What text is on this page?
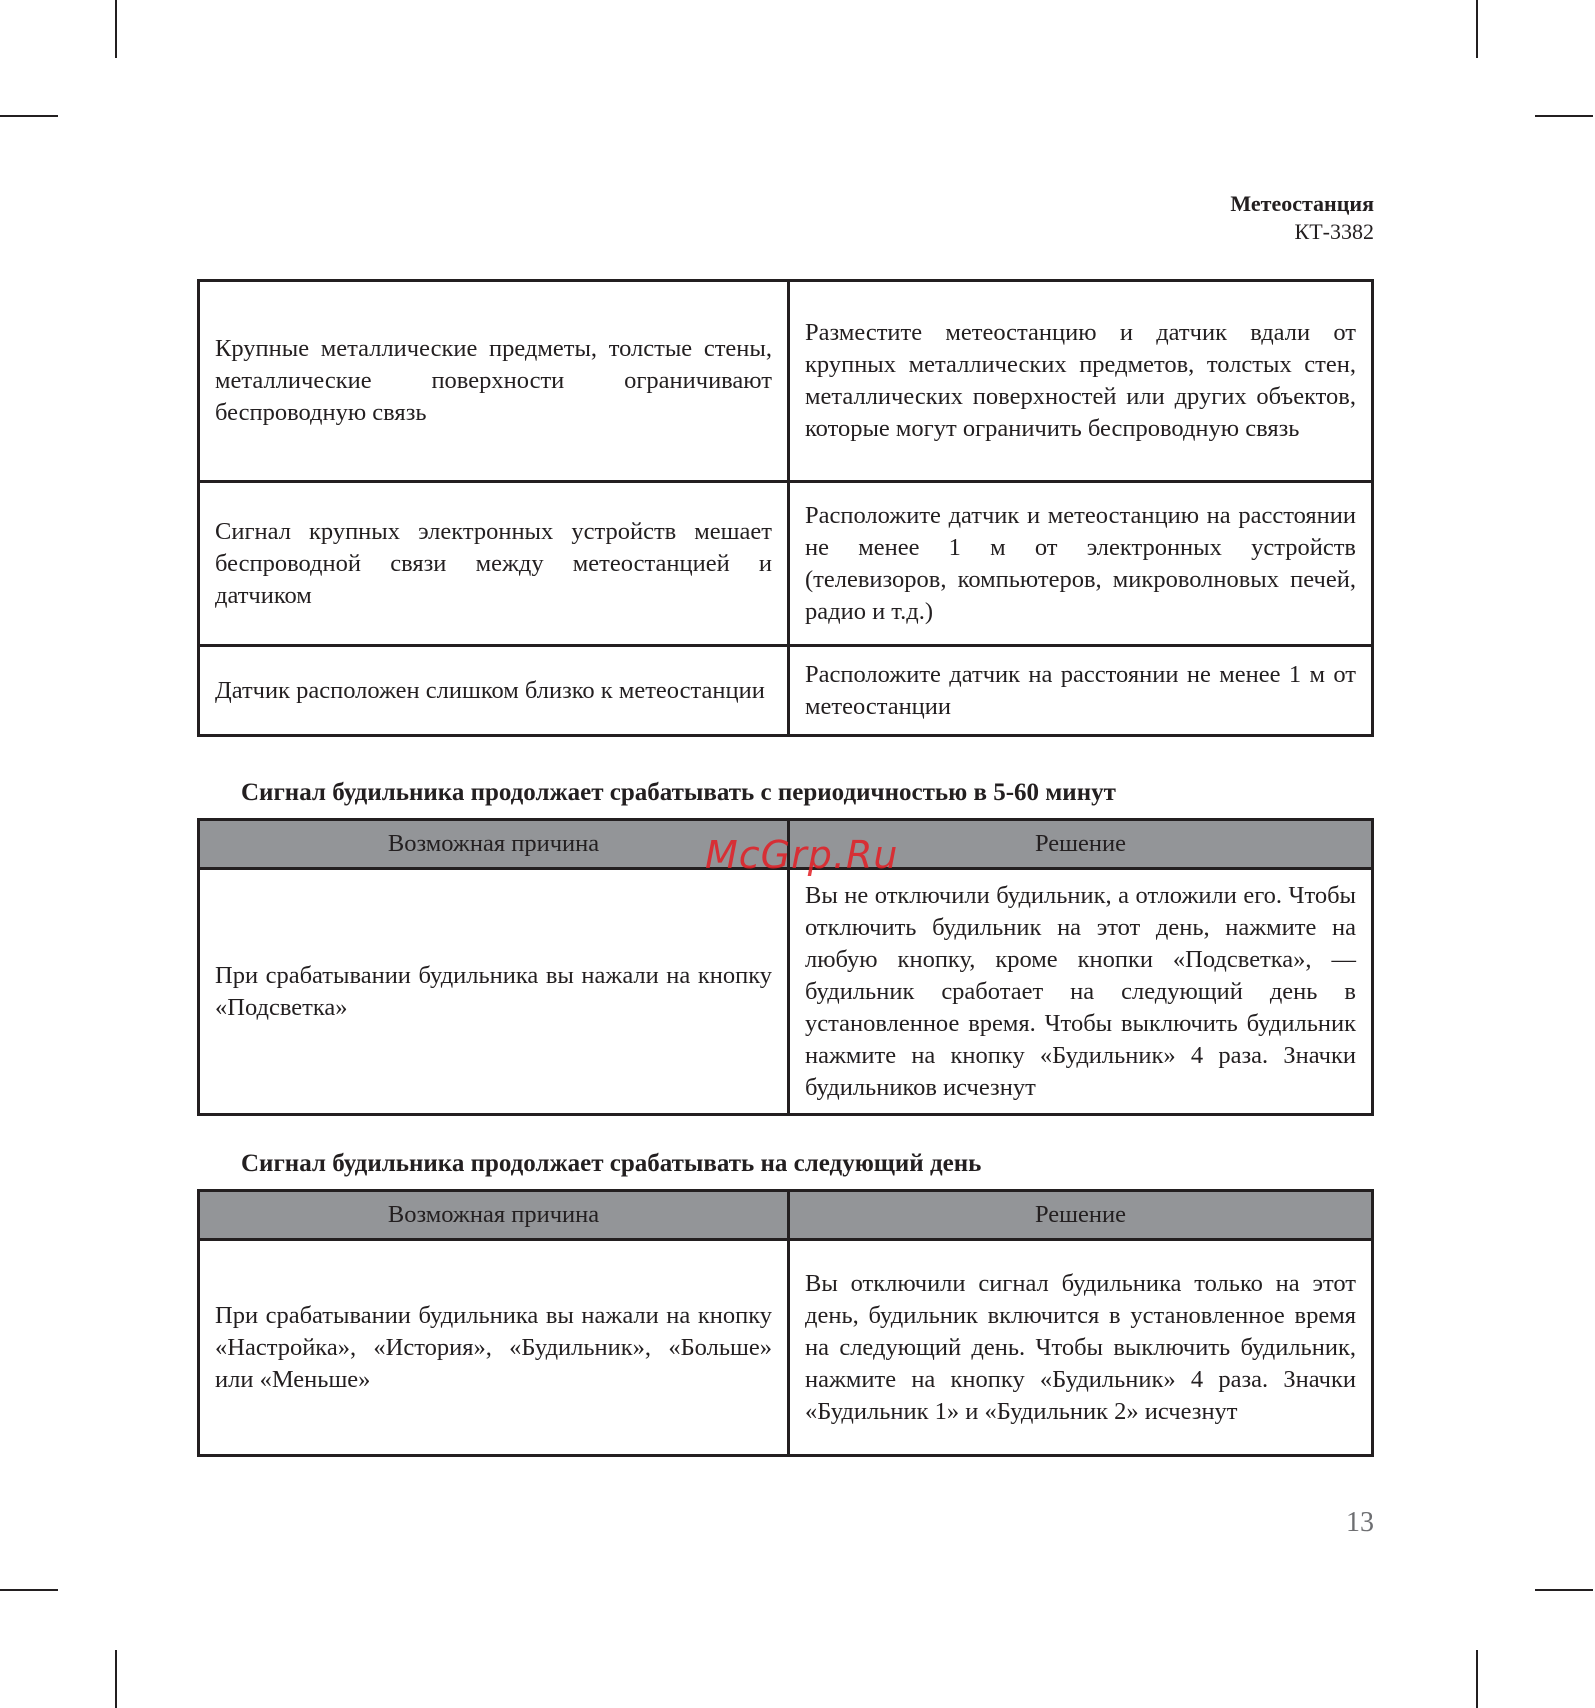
Метеостанция
КТ-3382
Крупные металлические предметы, толстые стены, металлические поверхности ограничивают беспроводную связь	Разместите метеостанцию и датчик вдали от крупных металлических предметов, толстых стен, металлических поверхностей или других объектов, которые могут ограничить беспроводную связь
Сигнал крупных электронных устройств мешает беспроводной связи между метеостанцией и датчиком	Расположите датчик и метеостанцию на расстоянии не менее 1 м от электронных устройств (телевизоров, компьютеров, микроволновых печей, радио и т.д.)
Датчик расположен слишком близко к метеостанции	Расположите датчик на расстоянии не менее 1 м от метеостанции
Сигнал будильника продолжает срабатывать с периодичностью в 5-60 минут
Возможная причина	Решение
При срабатывании будильника вы нажали на кнопку «Подсветка»	Вы не отключили будильник, а отложили его. Чтобы отключить будильник на этот день, нажмите на любую кнопку, кроме кнопки «Подсветка», — будильник сработает на следующий день в установленное время. Чтобы выключить будильник нажмите на кнопку «Будильник» 4 раза. Значки будильников исчезнут
McGrp.Ru
Сигнал будильника продолжает срабатывать на следующий день
Возможная причина	Решение
При срабатывании будильника вы нажали на кнопку «Настройка», «История», «Будильник», «Больше» или «Меньше»	Вы отключили сигнал будильника только на этот день, будильник включится в установленное время на следующий день. Чтобы выключить будильник, нажмите на кнопку «Будильник» 4 раза. Значки «Будильник 1» и «Будильник 2» исчезнут
13
